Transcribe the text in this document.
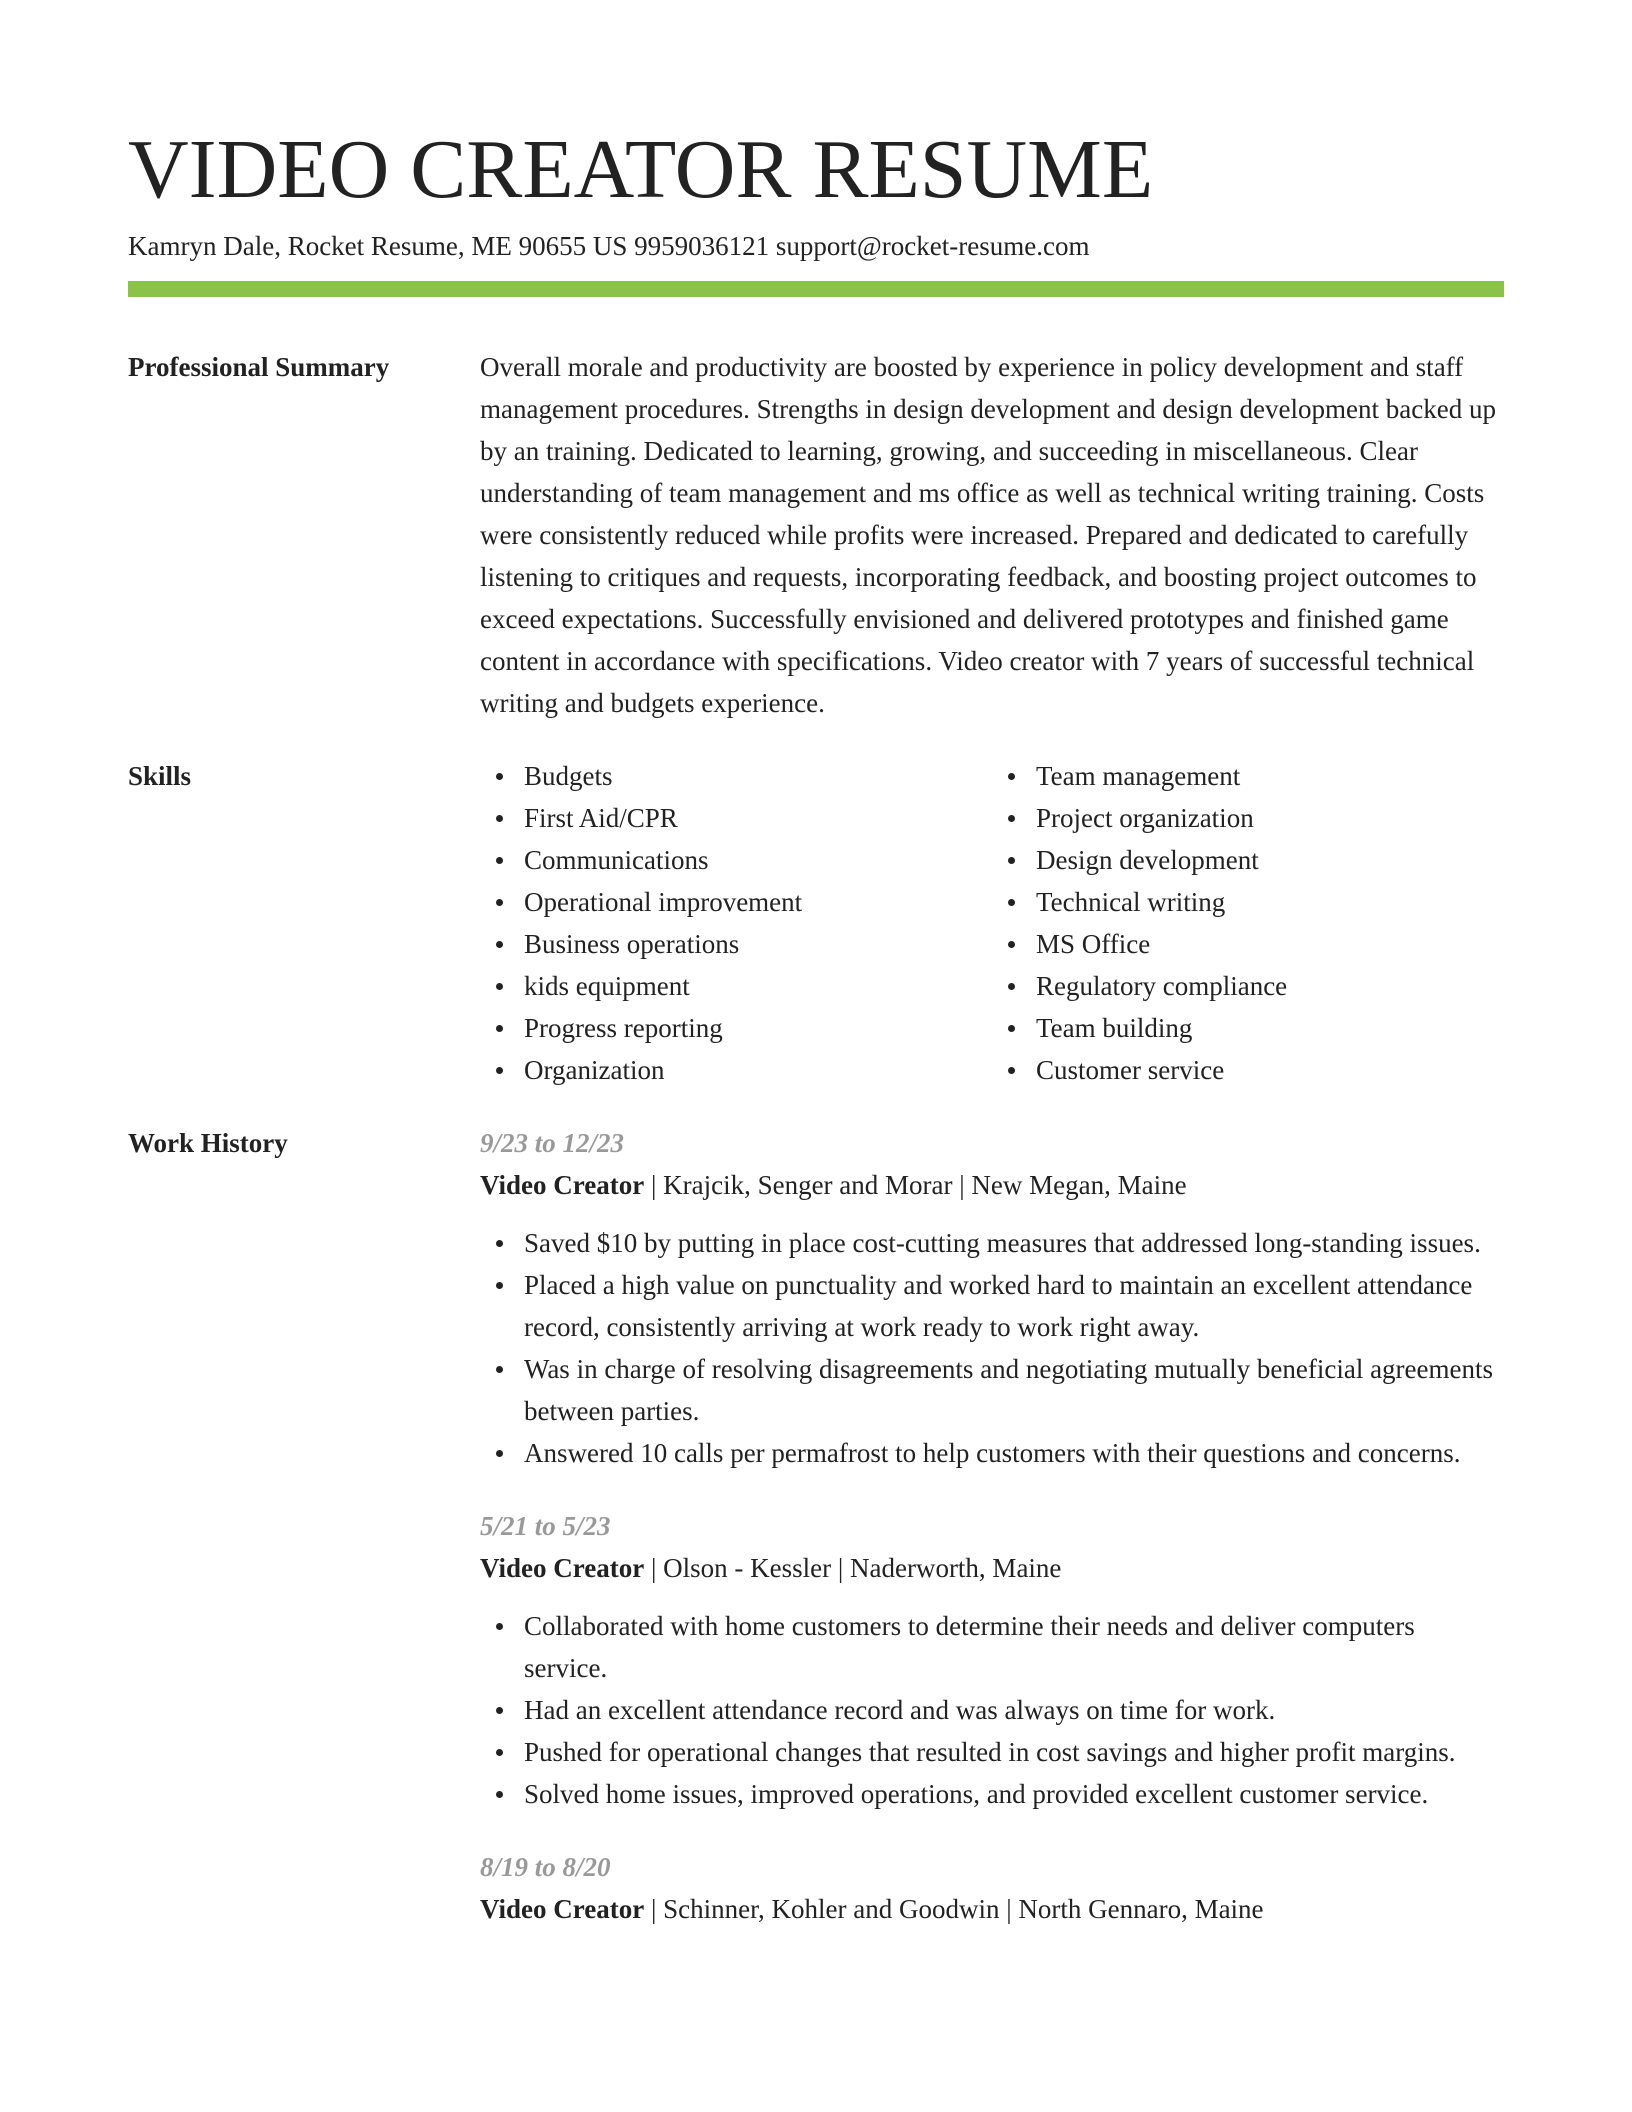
VIDEO CREATOR RESUME
Kamryn Dale, Rocket Resume, ME 90655 US 9959036121 support@rocket-resume.com
Professional Summary	Overall morale and productivity are boosted by experience in policy development and staff management procedures. Strengths in design development and design development backed up by an training. Dedicated to learning, growing, and succeeding in miscellaneous. Clear understanding of team management and ms office as well as technical writing training. Costs were consistently reduced while profits were increased. Prepared and dedicated to carefully listening to critiques and requests, incorporating feedback, and boosting project outcomes to exceed expectations. Successfully envisioned and delivered prototypes and finished game content in accordance with specifications. Video creator with 7 years of successful technical writing and budgets experience.
Skills	Budgets
First Aid/CPR
Communications
Operational improvement
Business operations
kids equipment
Progress reporting
Organization
Team management
Project organization
Design development
Technical writing
MS Office
Regulatory compliance
Team building
Customer service
Work History	9/23 to 12/23
Video Creator | Krajcik, Senger and Morar | New Megan, Maine
Saved $10 by putting in place cost-cutting measures that addressed long-standing issues.
Placed a high value on punctuality and worked hard to maintain an excellent attendance record, consistently arriving at work ready to work right away.
Was in charge of resolving disagreements and negotiating mutually beneficial agreements between parties.
Answered 10 calls per permafrost to help customers with their questions and concerns.
5/21 to 5/23
Video Creator | Olson - Kessler | Naderworth, Maine
Collaborated with home customers to determine their needs and deliver computers service.
Had an excellent attendance record and was always on time for work.
Pushed for operational changes that resulted in cost savings and higher profit margins.
Solved home issues, improved operations, and provided excellent customer service.
8/19 to 8/20
Video Creator | Schinner, Kohler and Goodwin | North Gennaro, Maine
